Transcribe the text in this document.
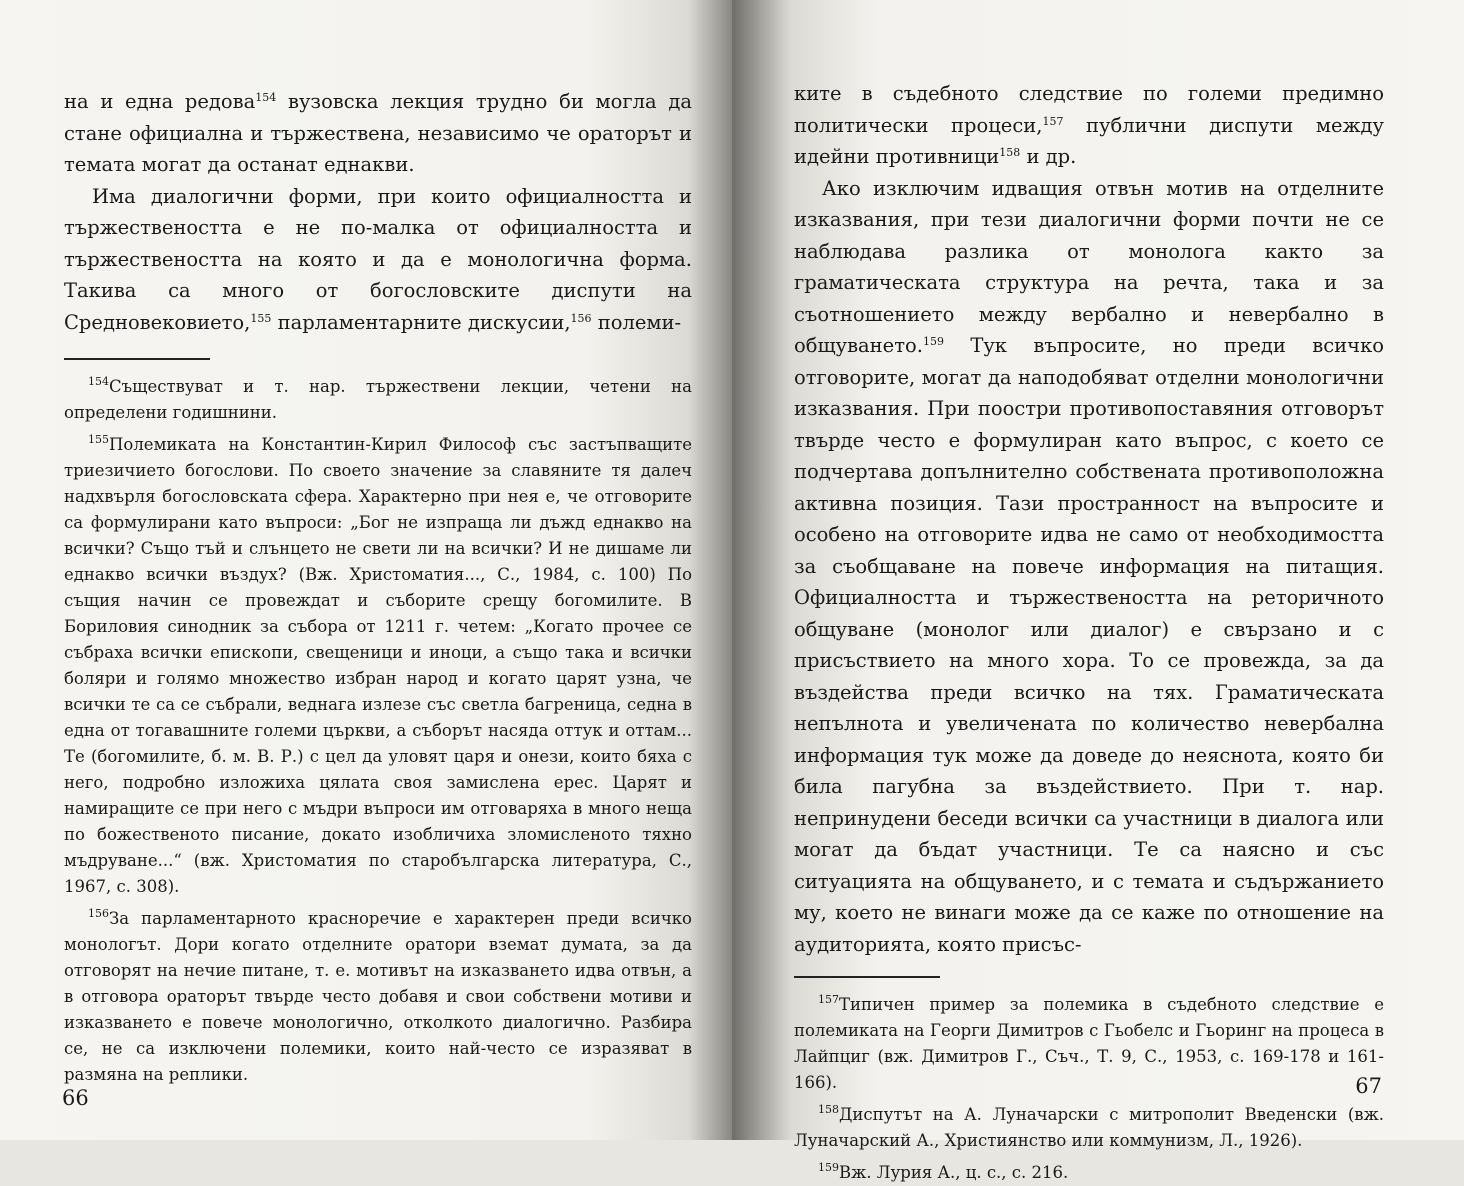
на и една редова$^{154}$ вузовска лекция трудно би могла да стане официална и тържествена, независимо че ораторът и темата могат да останат еднакви.

Има диалогични форми, при които официалността и тържествеността е не по-малка от официалността и тържествеността на която и да е монологична форма. Такива са много от богословските диспути на Средновековието,$^{155}$ парламентарните дискусии,$^{156}$ полеми-

$^{154}$Съществуват и т. нар. тържествени лекции, четени на определени годишнини.

$^{155}$Полемиката на Константин-Кирил Философ със застъпващите триезичието богослови. По своето значение за славяните тя далеч надхвърля богословската сфера. Характерно при нея е, че отговорите са формулирани като въпроси: „Бог не изпраща ли дъжд еднакво на всички? Също тъй и слънцето не свети ли на всички? И не дишаме ли еднакво всички въздух? (Вж. Христоматия..., С., 1984, с. 100) По същия начин се провеждат и съборите срещу богомилите. В Бориловия синодник за събора от 1211 г. четем: „Когато прочее се събраха всички епископи, свещеници и иноци, а също така и всички боляри и голямо множество избран народ и когато царят узна, че всички те са се събрали, веднага излезе със светла багреница, седна в една от тогавашните големи църкви, а съборът насяда оттук и оттам... Те (богомилите, б. м. В. Р.) с цел да уловят царя и онези, които бяха с него, подробно изложиха цялата своя замислена ерес. Царят и намиращите се при него с мъдри въпроси им отговаряха в много неща по божественото писание, докато изобличиха зломисленото тяхно мъдруване...“ (вж. Христоматия по старобългарска литература, С., 1967, с. 308).

$^{156}$За парламентарното красноречие е характерен преди всичко монологът. Дори когато отделните оратори вземат думата, за да отговорят на нечие питане, т. е. мотивът на изказването идва отвън, а в отговора ораторът твърде често добавя и свои собствени мотиви и изказването е повече монологично, отколкото диалогично. Разбира се, не са изключени полемики, които най-често се изразяват в размяна на реплики.

66

ките в съдебното следствие по големи предимно политически процеси,$^{157}$ публични диспути между идейни противници$^{158}$ и др.

Ако изключим идващия отвън мотив на отделните изказвания, при тези диалогични форми почти не се наблюдава разлика от монолога както за граматическата структура на речта, така и за съотношението между вербално и невербално в общуването.$^{159}$ Тук въпросите, но преди всичко отговорите, могат да наподобяват отделни монологични изказвания. При поостри противопоставяния отговорът твърде често е формулиран като въпрос, с което се подчертава допълнително собствената противоположна активна позиция. Тази пространност на въпросите и особено на отговорите идва не само от необходимостта за съобщаване на повече информация на питащия. Официалността и тържествеността на реторичното общуване (монолог или диалог) е свързано и с присъствието на много хора. То се провежда, за да въздейства преди всичко на тях. Граматическата непълнота и увеличената по количество невербална информация тук може да доведе до неяснота, която би била пагубна за въздействието. При т. нар. непринудени беседи всички са участници в диалога или могат да бъдат участници. Те са наясно и със ситуацията на общуването, и с темата и съдържанието му, което не винаги може да се каже по отношение на аудиторията, която присъс-

$^{157}$Типичен пример за полемика в съдебното следствие е полемиката на Георги Димитров с Гьобелс и Гьоринг на процеса в Лайпциг (вж. Димитров Г., Съч., Т. 9, С., 1953, с. 169-178 и 161-166).

$^{158}$Диспутът на А. Луначарски с митрополит Введенски (вж. Луначарский А., Християнство или коммунизм, Л., 1926).

$^{159}$Вж. Лурия А., ц. с., с. 216.

67
